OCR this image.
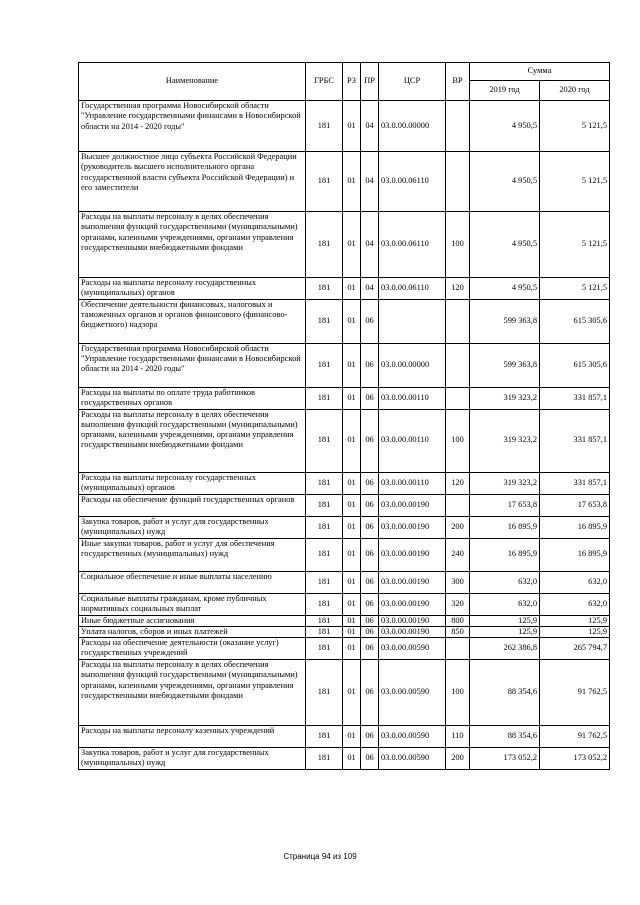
Наименование	ГРБС	РЗ	ПР	ЦСР	ВР	Сумма	
						2019 год	2020 год
Государственная программа Новосибирской области "Управление государственными финансами в Новосибирской области на 2014 - 2020 годы"	181	01	04	03.0.00.00000		4 950,5	5 121,5
Высшее должностное лицо субъекта Российской Федерации (руководитель высшего исполнительного органа государственной власти субъекта Российской Федерации) и его заместители	181	01	04	03.0.00.06110		4 950,5	5 121,5
Расходы на выплаты персоналу в целях обеспечения выполнения функций государственными (муниципальными) органами, казенными учреждениями, органами управления государственными внебюджетными фондами	181	01	04	03.0.00.06110	100	4 950,5	5 121,5
Расходы на выплаты персоналу государственных (муниципальных) органов	181	01	04	03.0.00.06110	120	4 950,5	5 121,5
Обеспечение деятельности финансовых, налоговых и таможенных органов и органов финансового (финансово-бюджетного) надзора	181	01	06			599 363,8	615 305,6
Государственная программа Новосибирской области "Управление государственными финансами в Новосибирской области на 2014 - 2020 годы"	181	01	06	03.0.00.00000		599 363,8	615 305,6
Расходы на выплаты по оплате труда работников государственных органов	181	01	06	03.0.00.00110		319 323,2	331 857,1
Расходы на выплаты персоналу в целях обеспечения выполнения функций государственными (муниципальными) органами, казенными учреждениями, органами управления государственными внебюджетными фондами	181	01	06	03.0.00.00110	100	319 323,2	331 857,1
Расходы на выплаты персоналу государственных (муниципальных) органов	181	01	06	03.0.00.00110	120	319 323,2	331 857,1
Расходы на обеспечение функций государственных органов	181	01	06	03.0.00.00190		17 653,8	17 653,8
Закупка товаров, работ и услуг для государственных (муниципальных) нужд	181	01	06	03.0.00.00190	200	16 895,9	16 895,9
Иные закупки товаров, работ и услуг для обеспечения государственных (муниципальных) нужд	181	01	06	03.0.00.00190	240	16 895,9	16 895,9
Социальное обеспечение и иные выплаты населению	181	01	06	03.0.00.00190	300	632,0	632,0
Социальные выплаты гражданам, кроме публичных нормативных социальных выплат	181	01	06	03.0.00.00190	320	632,0	632,0
Иные бюджетные ассигнования	181	01	06	03.0.00.00190	800	125,9	125,9
Уплата налогов, сборов и иных платежей	181	01	06	03.0.00.00190	850	125,9	125,9
Расходы на обеспечение деятельности (оказание услуг) государственных учреждений	181	01	06	03.0.00.00590		262 386,8	265 794,7
Расходы на выплаты персоналу в целях обеспечения выполнения функций государственными (муниципальными) органами, казенными учреждениями, органами управления государственными внебюджетными фондами	181	01	06	03.0.00.00590	100	88 354,6	91 762,5
Расходы на выплаты персоналу казенных учреждений	181	01	06	03.0.00.00590	110	88 354,6	91 762,5
Закупка товаров, работ и услуг для государственных (муниципальных) нужд	181	01	06	03.0.00.00590	200	173 052,2	173 052,2
Страница 94 из 109
